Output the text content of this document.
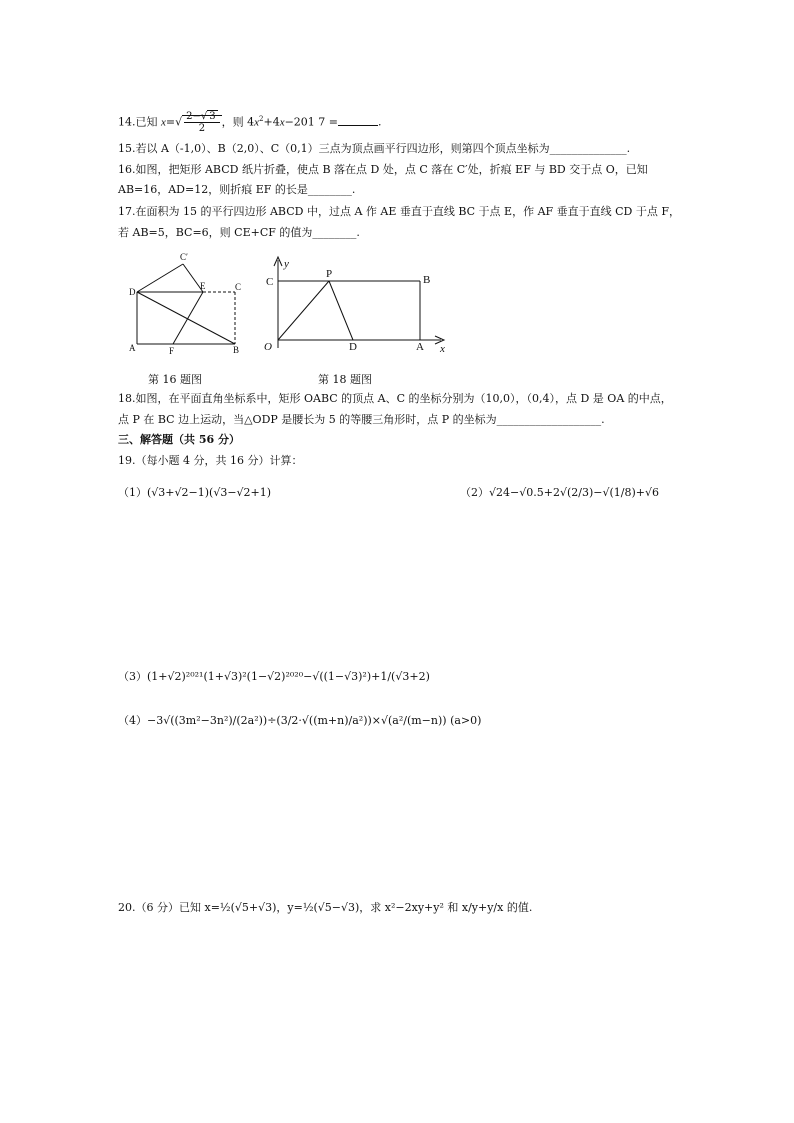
14.已知 $x=√ \frac{2-√ 3}{2}$ ，则 $4x^2+4x-201$ 7 =	.
15.若以 A（-1,0）、B（2,0）、C（0,1）三点为顶点画平行四边形，则第四个顶点坐标为______________.
16.如图，把矩形 ABCD 纸片折叠，使点 B 落在点 D 处，点 C 落在 C′处，折痕 EF 与 BD 交于点 O，已知
AB=16，AD=12，则折痕 EF 的长是________.
17.在面积为 15 的平行四边形 ABCD 中，过点 A 作 AE 垂直于直线 BC 于点 E，作 AF 垂直于直线 CD 于点 F，
若 AB=5，BC=6，则 CE+CF 的值为________.
C′
D
E	C
A	F	B
y
C
P	B
O	D	A x
第 16 题图	第 18 题图
18.如图，在平面直角坐标系中，矩形 OABC 的顶点 A、C 的坐标分别为（10,0），（0,4），点 D 是 OA 的中点，
点 P 在 BC 边上运动，当△ODP 是腰长为 5 的等腰三角形时，点 P 的坐标为___________________.
三、解答题（共 56 分）
19.（每小题 4 分，共 16 分）计算：
（1）(√3+√2−1)(√3−√2+1)	（2）√24−√0.5+2√(2/3)−√(1/8)+√6
（3）(1+√2)²⁰²¹(1+√3)²(1−√2)²⁰²⁰−√((1−√3)²)+1/(√3+2)
（4）−3√((3m²−3n²)/(2a²))÷(3/2·√((m+n)/a²))×√(a²/(m−n)) (a>0)
20.（6 分）已知 x=½(√5+√3)，y=½(√5−√3)，求 x²−2xy+y² 和 x/y+y/x 的值.
